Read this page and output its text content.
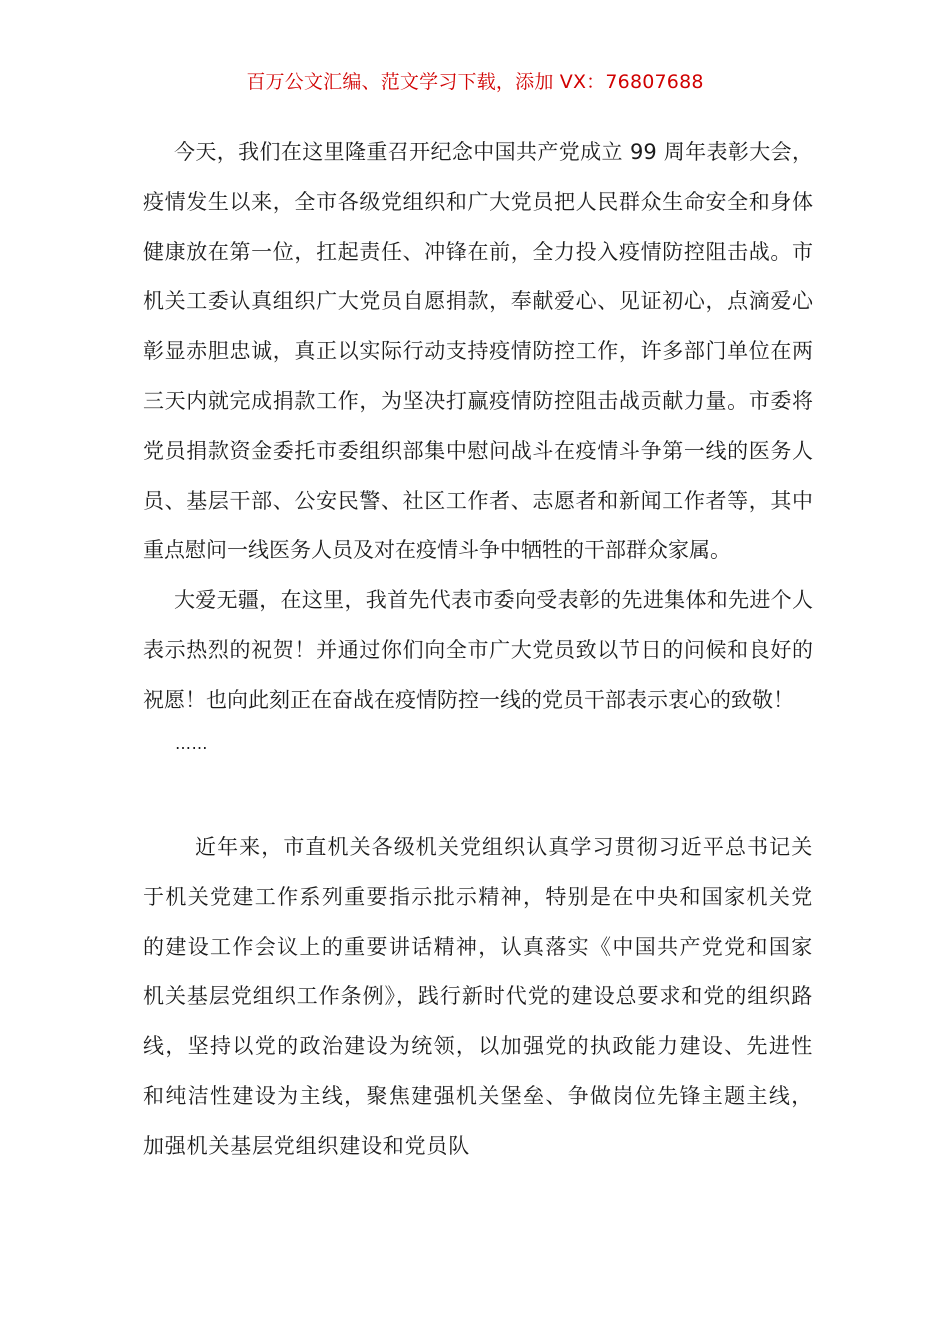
百万公文汇编、范文学习下载，添加 VX：76807688

今天，我们在这里隆重召开纪念中国共产党成立 99 周年表彰大会，疫情发生以来，全市各级党组织和广大党员把人民群众生命安全和身体健康放在第一位，扛起责任、冲锋在前，全力投入疫情防控阻击战。市机关工委认真组织广大党员自愿捐款，奉献爱心、见证初心，点滴爱心彰显赤胆忠诚，真正以实际行动支持疫情防控工作，许多部门单位在两三天内就完成捐款工作，为坚决打赢疫情防控阻击战贡献力量。市委将党员捐款资金委托市委组织部集中慰问战斗在疫情斗争第一线的医务人员、基层干部、公安民警、社区工作者、志愿者和新闻工作者等，其中重点慰问一线医务人员及对在疫情斗争中牺牲的干部群众家属。

大爱无疆，在这里，我首先代表市委向受表彰的先进集体和先进个人表示热烈的祝贺！并通过你们向全市广大党员致以节日的问候和良好的祝愿！也向此刻正在奋战在疫情防控一线的党员干部表示衷心的致敬！

……

近年来，市直机关各级机关党组织认真学习贯彻习近平总书记关于机关党建工作系列重要指示批示精神，特别是在中央和国家机关党的建设工作会议上的重要讲话精神，认真落实《中国共产党党和国家机关基层党组织工作条例》，践行新时代党的建设总要求和党的组织路线，坚持以党的政治建设为统领，以加强党的执政能力建设、先进性和纯洁性建设为主线，聚焦建强机关堡垒、争做岗位先锋主题主线，加强机关基层党组织建设和党员队
